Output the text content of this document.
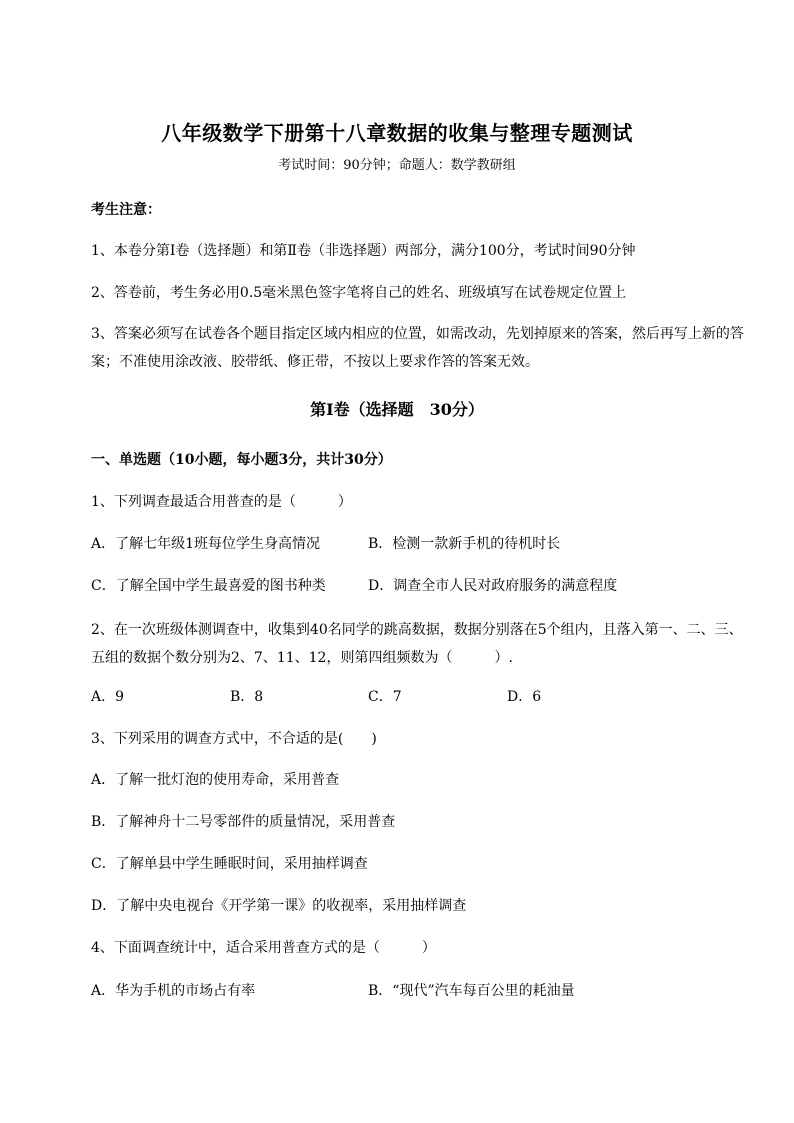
八年级数学下册第十八章数据的收集与整理专题测试
考试时间：90分钟；命题人：数学教研组
考生注意：
1、本卷分第I卷（选择题）和第Ⅱ卷（非选择题）两部分，满分100分，考试时间90分钟
2、答卷前，考生务必用0.5毫米黑色签字笔将自己的姓名、班级填写在试卷规定位置上
3、答案必须写在试卷各个题目指定区域内相应的位置，如需改动，先划掉原来的答案，然后再写上新的答案；不准使用涂改液、胶带纸、修正带，不按以上要求作答的答案无效。
第I卷（选择题　30分）
一、单选题（10小题，每小题3分，共计30分）
1、下列调查最适合用普查的是（　　　）
A．了解七年级1班每位学生身高情况	B．检测一款新手机的待机时长
C．了解全国中学生最喜爱的图书种类	D．调查全市人民对政府服务的满意程度
2、在一次班级体测调查中，收集到40名同学的跳高数据，数据分别落在5个组内，且落入第一、二、三、五组的数据个数分别为2、7、11、12，则第四组频数为（　　　）.
A．9	B．8	C．7	D．6
3、下列采用的调查方式中，不合适的是(　　)
A．了解一批灯泡的使用寿命，采用普查
B．了解神舟十二号零部件的质量情况，采用普查
C．了解单县中学生睡眠时间，采用抽样调查
D．了解中央电视台《开学第一课》的收视率，采用抽样调查
4、下面调查统计中，适合采用普查方式的是（　　　）
A．华为手机的市场占有率	B．“现代”汽车每百公里的耗油量
